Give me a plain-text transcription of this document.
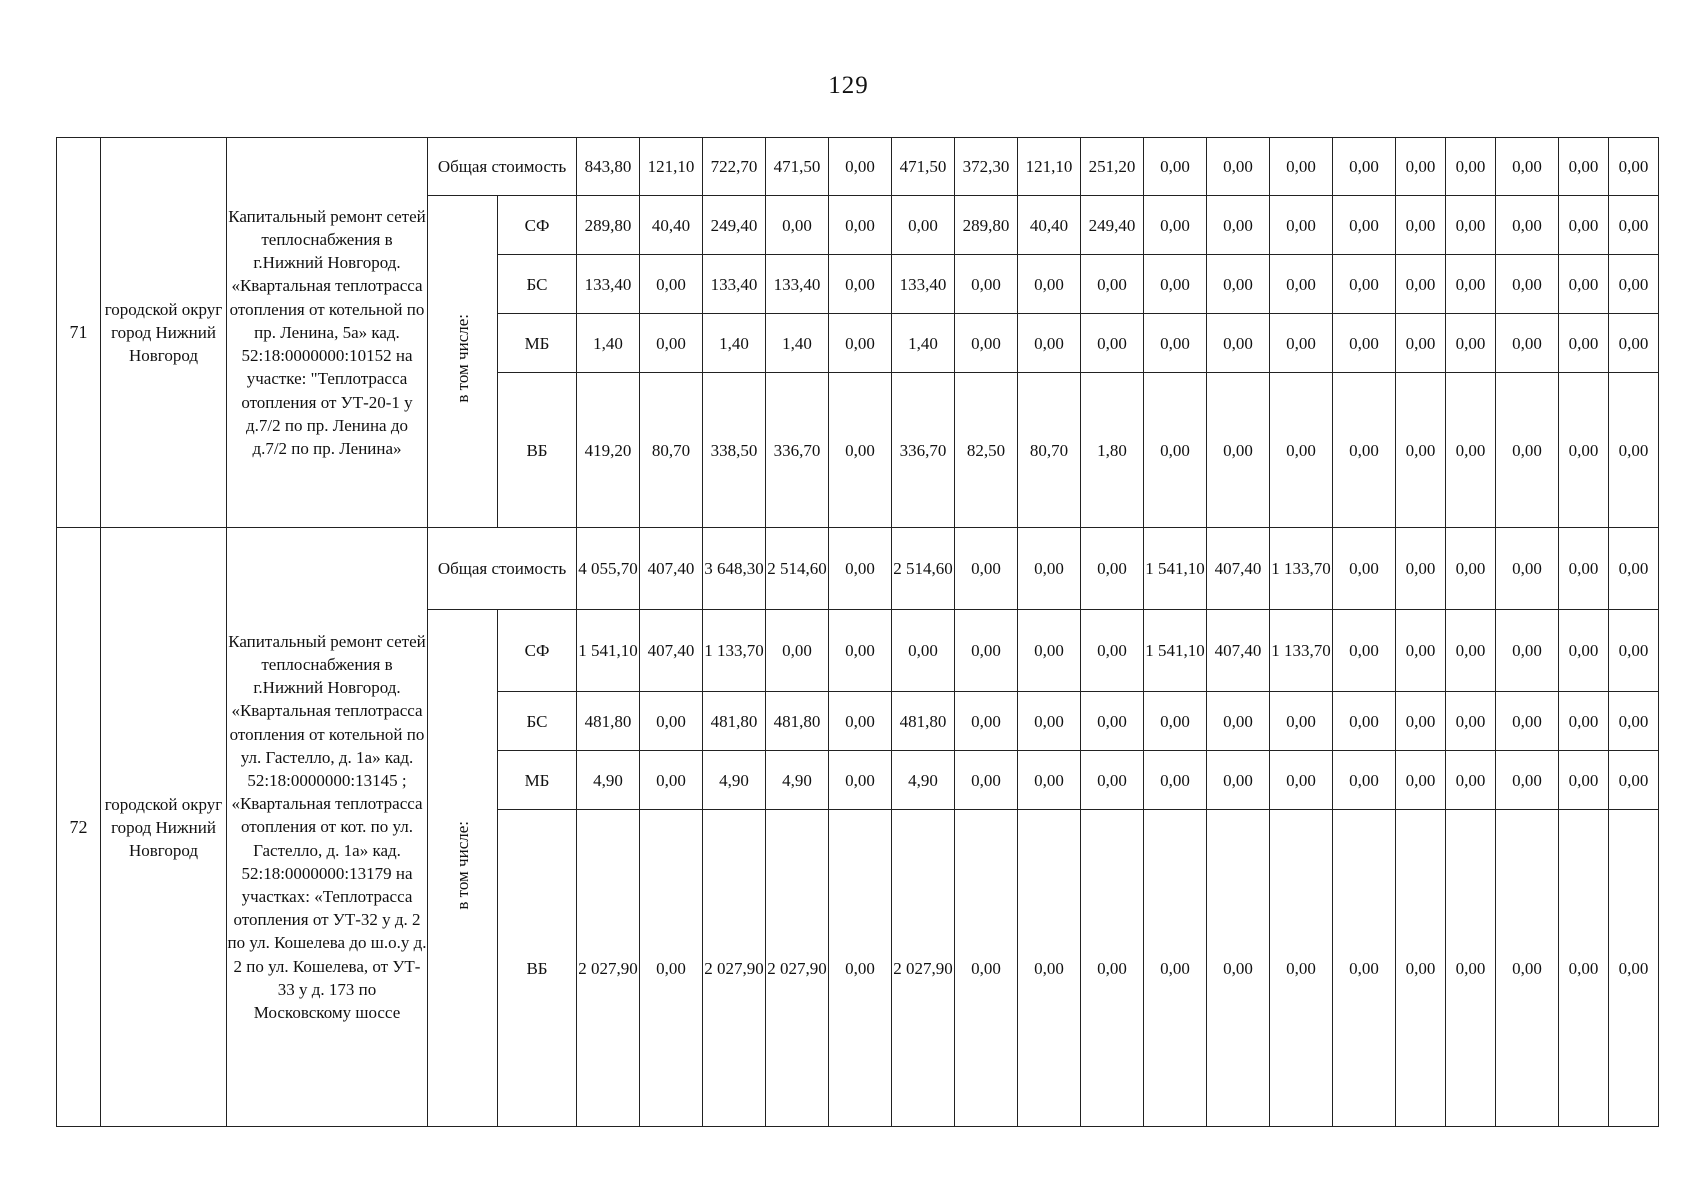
129
71	городской округ город Нижний Новгород	Капитальный ремонт сетей теплоснабжения в г.Нижний Новгород. «Квартальная теплотрасса отопления от котельной по пр. Ленина, 5а» кад. 52:18:0000000:10152 на участке: "Теплотрасса отопления от УТ-20-1 у д.7/2 по пр. Ленина до д.7/2 по пр. Ленина»	Общая стоимость		843,80	121,10	722,70	471,50	0,00	471,50	372,30	121,10	251,20	0,00	0,00	0,00	0,00	0,00	0,00	0,00	0,00	0,00
			в том числе:	СФ	289,80	40,40	249,40	0,00	0,00	0,00	289,80	40,40	249,40	0,00	0,00	0,00	0,00	0,00	0,00	0,00	0,00	0,00
				БС	133,40	0,00	133,40	133,40	0,00	133,40	0,00	0,00	0,00	0,00	0,00	0,00	0,00	0,00	0,00	0,00	0,00	0,00
				МБ	1,40	0,00	1,40	1,40	0,00	1,40	0,00	0,00	0,00	0,00	0,00	0,00	0,00	0,00	0,00	0,00	0,00	0,00
				ВБ	419,20	80,70	338,50	336,70	0,00	336,70	82,50	80,70	1,80	0,00	0,00	0,00	0,00	0,00	0,00	0,00	0,00	0,00
72	городской округ город Нижний Новгород	Капитальный ремонт сетей теплоснабжения в г.Нижний Новгород. «Квартальная теплотрасса отопления от котельной по ул. Гастелло, д. 1а» кад. 52:18:0000000:13145 ; «Квартальная теплотрасса отопления от кот. по ул. Гастелло, д. 1а» кад. 52:18:0000000:13179 на участках: «Теплотрасса отопления от УТ-32 у д. 2 по ул. Кошелева до ш.о.у д. 2 по ул. Кошелева, от УТ- 33 у д. 173 по Московскому шоссе	Общая стоимость		4 055,70	407,40	3 648,30	2 514,60	0,00	2 514,60	0,00	0,00	0,00	1 541,10	407,40	1 133,70	0,00	0,00	0,00	0,00	0,00	0,00
			в том числе:	СФ	1 541,10	407,40	1 133,70	0,00	0,00	0,00	0,00	0,00	0,00	1 541,10	407,40	1 133,70	0,00	0,00	0,00	0,00	0,00	0,00
				БС	481,80	0,00	481,80	481,80	0,00	481,80	0,00	0,00	0,00	0,00	0,00	0,00	0,00	0,00	0,00	0,00	0,00	0,00
				МБ	4,90	0,00	4,90	4,90	0,00	4,90	0,00	0,00	0,00	0,00	0,00	0,00	0,00	0,00	0,00	0,00	0,00	0,00
				ВБ	2 027,90	0,00	2 027,90	2 027,90	0,00	2 027,90	0,00	0,00	0,00	0,00	0,00	0,00	0,00	0,00	0,00	0,00	0,00	0,00
